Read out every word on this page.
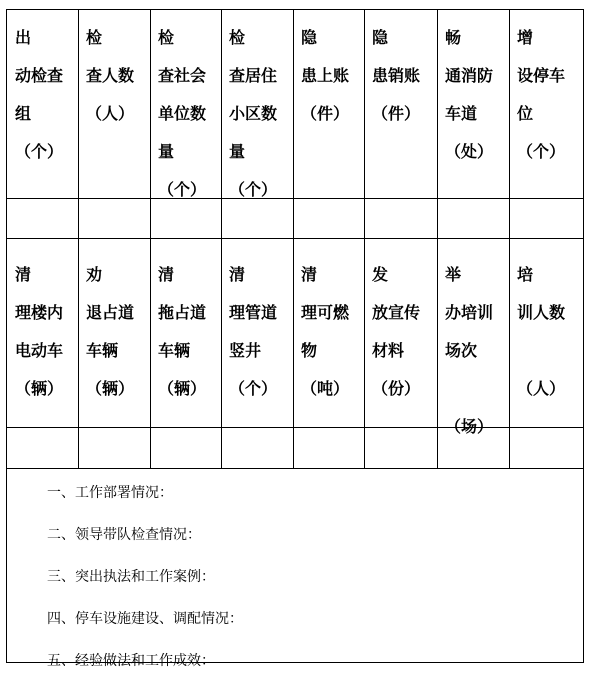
出
动检查
组
（个）
检
查人数
（人）
检
查社会
单位数
量
（个）
检
查居住
小区数
量
（个）
隐
患上账
（件）
隐
患销账
（件）
畅
通消防
车道
（处）
增
设停车
位
（个）
清
理楼内
电动车
（辆）
劝
退占道
车辆
（辆）
清
拖占道
车辆
（辆）
清
理管道
竖井
（个）
清
理可燃
物
（吨）
发
放宣传
材料
（份）
举
办培训
场次
（场）
培
训人数
（人）
一、工作部署情况：
二、领导带队检查情况：
三、突出执法和工作案例：
四、停车设施建设、调配情况：
五、经验做法和工作成效：
